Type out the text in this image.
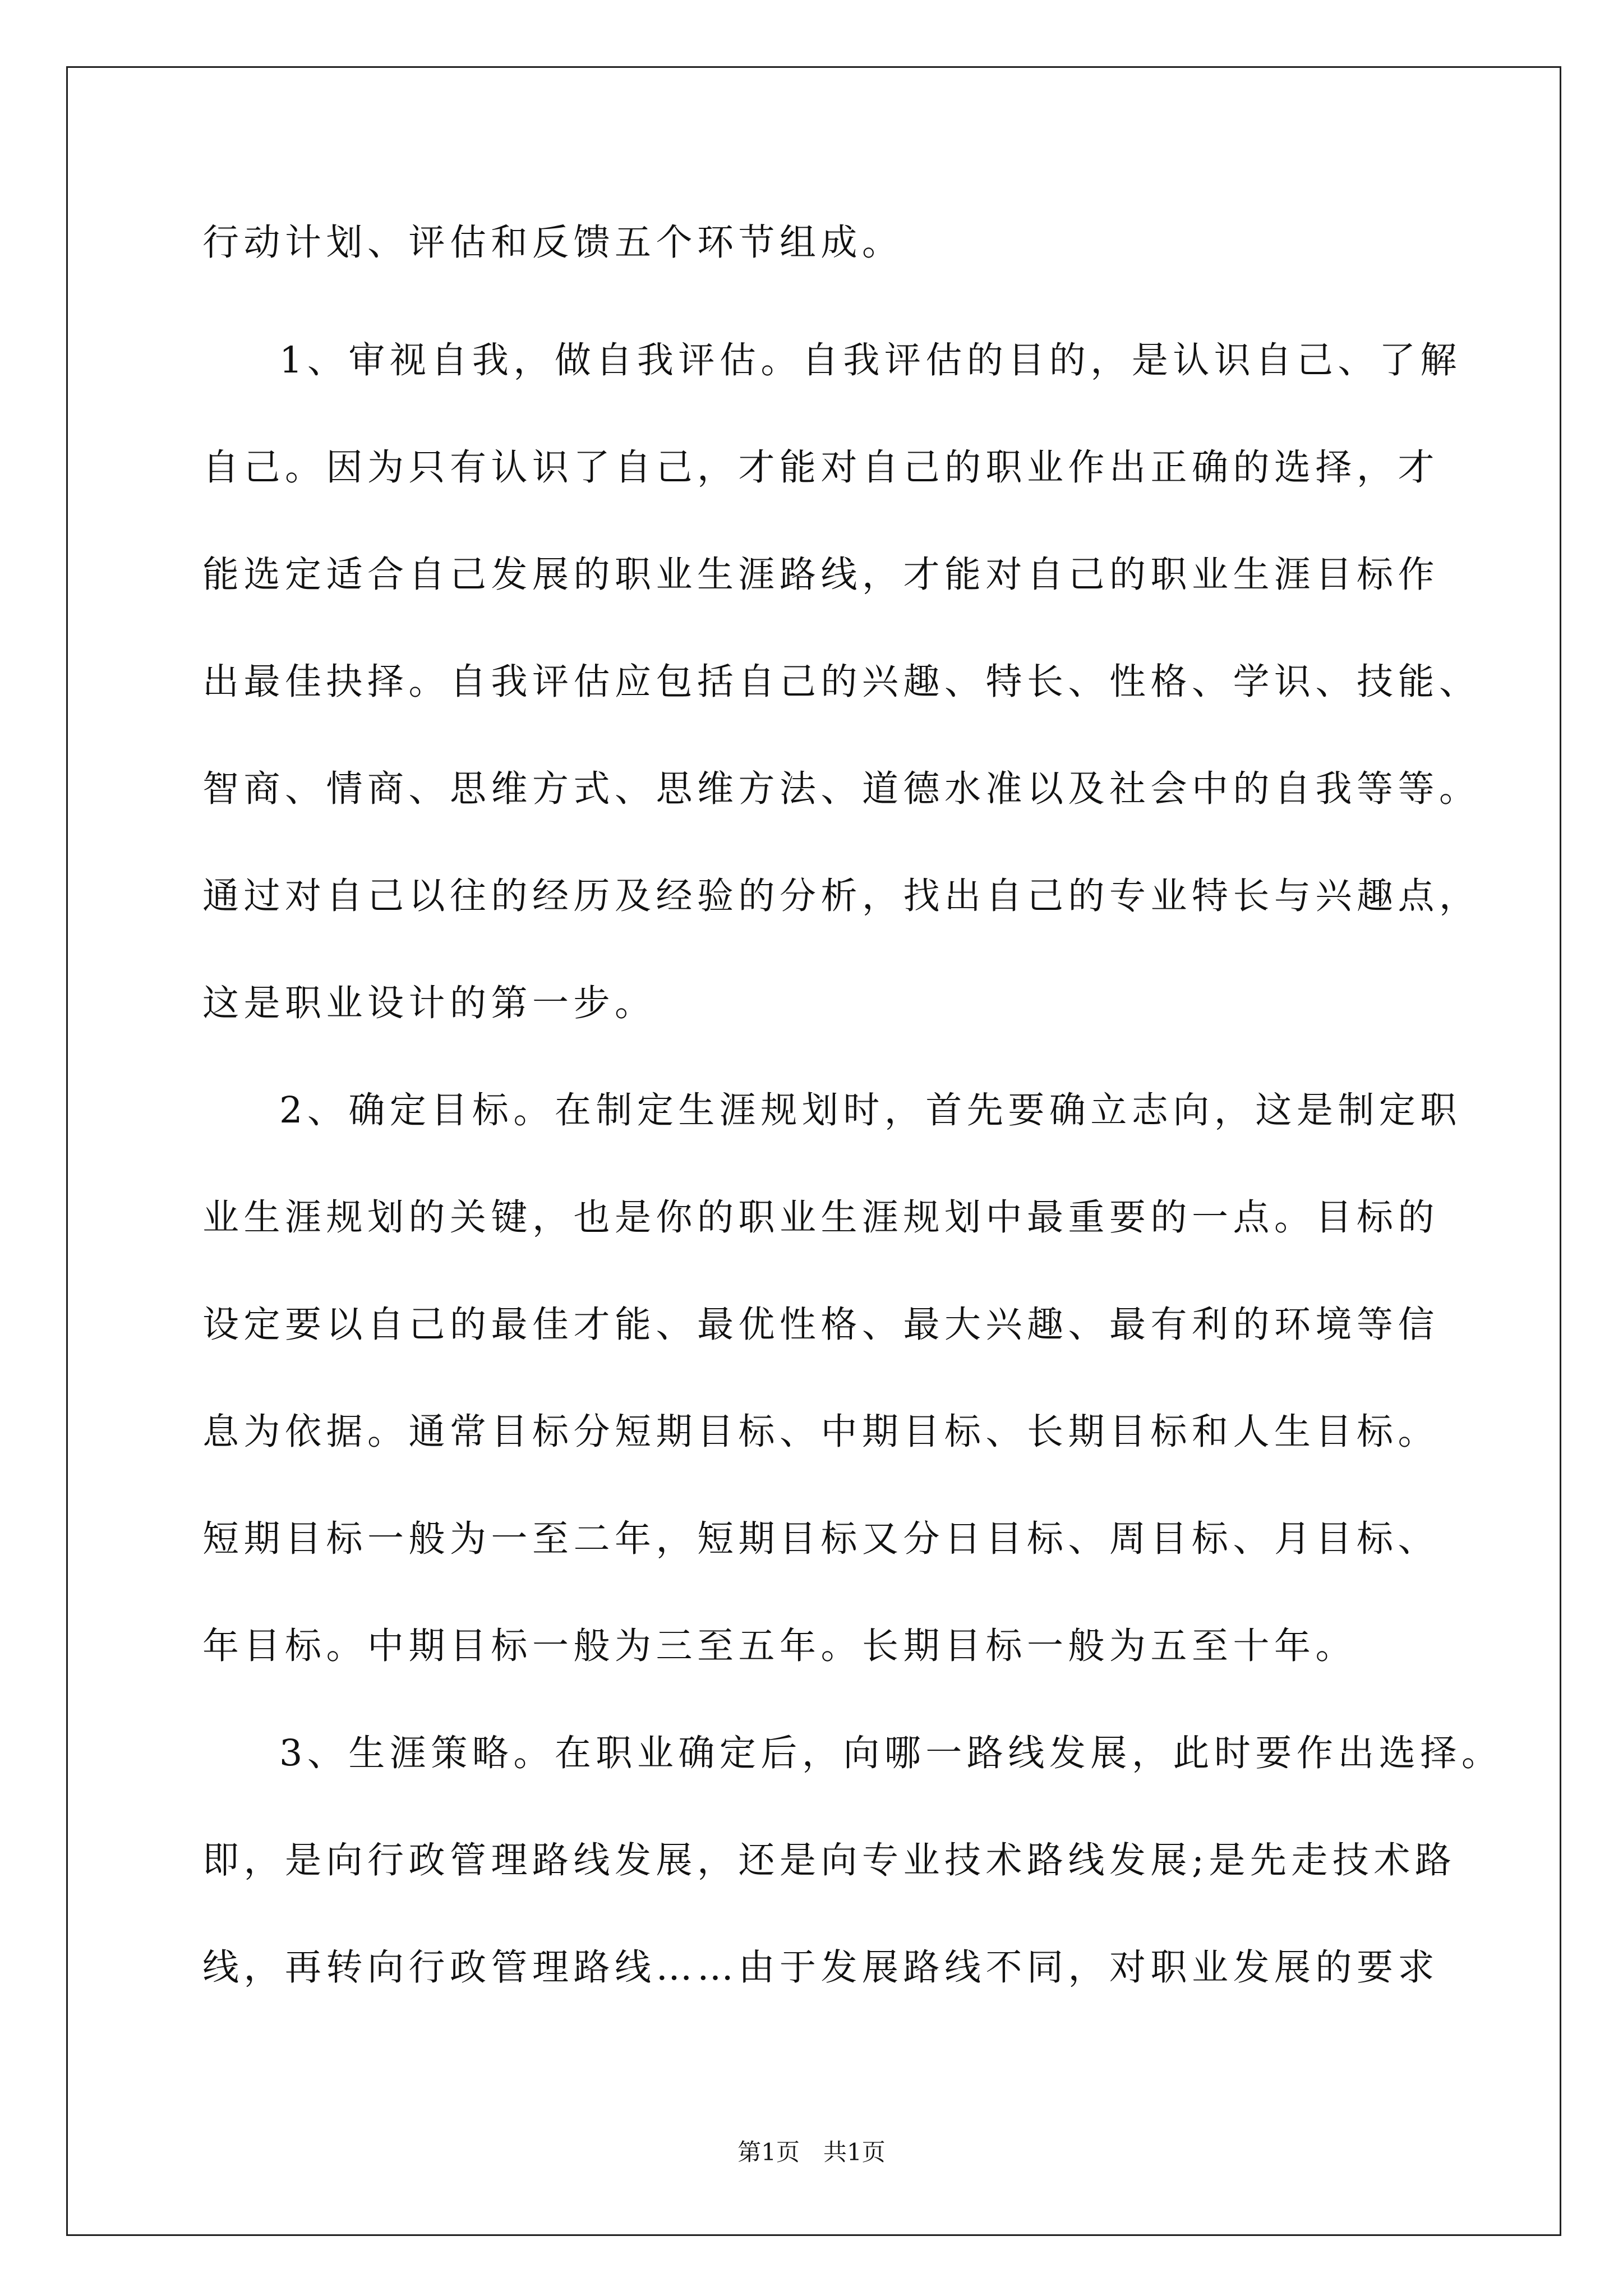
行动计划、评估和反馈五个环节组成。
1、审视自我，做自我评估。自我评估的目的，是认识自己、了解
自己。因为只有认识了自己，才能对自己的职业作出正确的选择，才
能选定适合自己发展的职业生涯路线，才能对自己的职业生涯目标作
出最佳抉择。自我评估应包括自己的兴趣、特长、性格、学识、技能、
智商、情商、思维方式、思维方法、道德水准以及社会中的自我等等。
通过对自己以往的经历及经验的分析，找出自己的专业特长与兴趣点，
这是职业设计的第一步。
2、确定目标。在制定生涯规划时，首先要确立志向，这是制定职
业生涯规划的关键，也是你的职业生涯规划中最重要的一点。目标的
设定要以自己的最佳才能、最优性格、最大兴趣、最有利的环境等信
息为依据。通常目标分短期目标、中期目标、长期目标和人生目标。
短期目标一般为一至二年，短期目标又分日目标、周目标、月目标、
年目标。中期目标一般为三至五年。长期目标一般为五至十年。
3、生涯策略。在职业确定后，向哪一路线发展，此时要作出选择。
即，是向行政管理路线发展，还是向专业技术路线发展;是先走技术路
线，再转向行政管理路线……由于发展路线不同，对职业发展的要求
第1页　共1页
